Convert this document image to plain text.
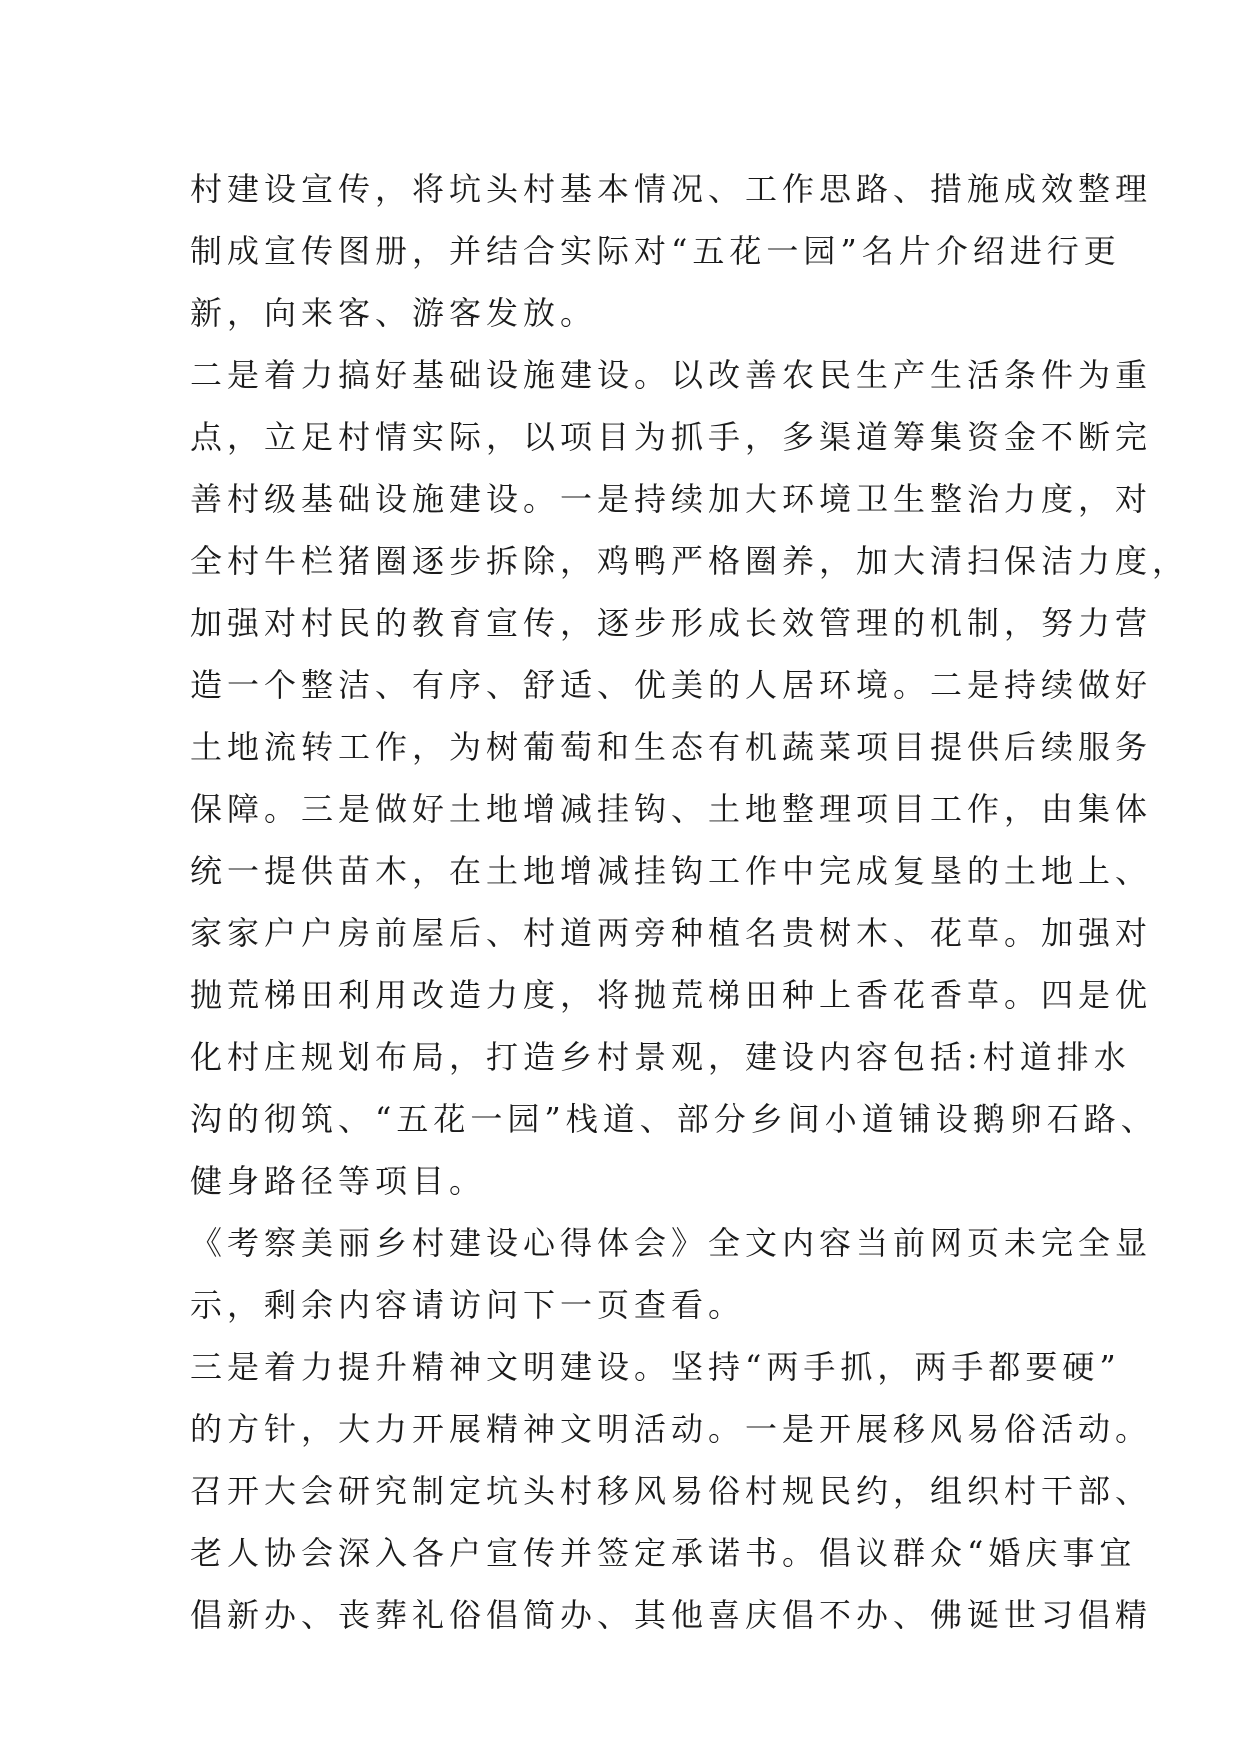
村建设宣传，将坑头村基本情况、工作思路、措施成效整理
制成宣传图册，并结合实际对“五花一园”名片介绍进行更
新，向来客、游客发放。
二是着力搞好基础设施建设。以改善农民生产生活条件为重
点，立足村情实际，以项目为抓手，多渠道筹集资金不断完
善村级基础设施建设。一是持续加大环境卫生整治力度，对
全村牛栏猪圈逐步拆除，鸡鸭严格圈养，加大清扫保洁力度，
加强对村民的教育宣传，逐步形成长效管理的机制，努力营
造一个整洁、有序、舒适、优美的人居环境。二是持续做好
土地流转工作，为树葡萄和生态有机蔬菜项目提供后续服务
保障。三是做好土地增减挂钩、土地整理项目工作，由集体
统一提供苗木，在土地增减挂钩工作中完成复垦的土地上、
家家户户房前屋后、村道两旁种植名贵树木、花草。加强对
抛荒梯田利用改造力度，将抛荒梯田种上香花香草。四是优
化村庄规划布局，打造乡村景观，建设内容包括:村道排水
沟的彻筑、“五花一园”栈道、部分乡间小道铺设鹅卵石路、
健身路径等项目。
《考察美丽乡村建设心得体会》全文内容当前网页未完全显
示，剩余内容请访问下一页查看。
三是着力提升精神文明建设。坚持“两手抓，两手都要硬”
的方针，大力开展精神文明活动。一是开展移风易俗活动。
召开大会研究制定坑头村移风易俗村规民约，组织村干部、
老人协会深入各户宣传并签定承诺书。倡议群众“婚庆事宜
倡新办、丧葬礼俗倡简办、其他喜庆倡不办、佛诞世习倡精
